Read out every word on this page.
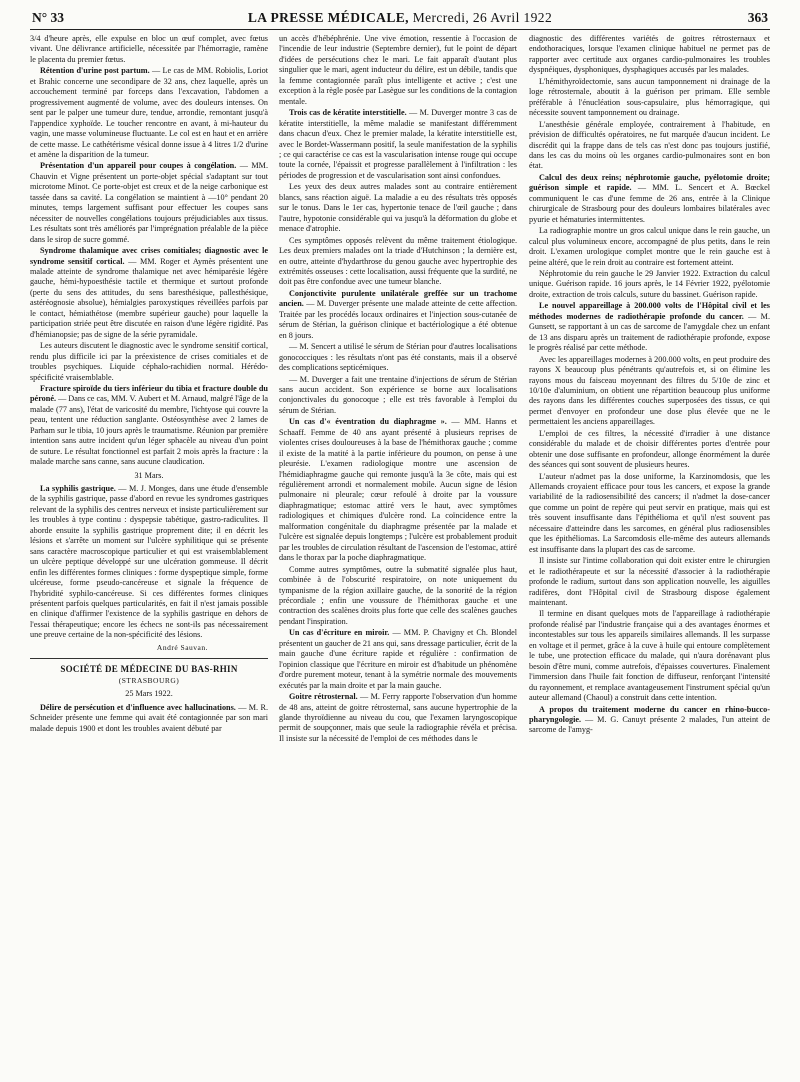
N° 33	LA PRESSE MÉDICALE, Mercredi, 26 Avril 1922	363

3/4 d'heure après, elle expulse en bloc un œuf complet, avec fœtus vivant. Une délivrance artificielle, nécessitée par l'hémorragie, ramène le placenta du premier fœtus.

Rétention d'urine post partum. — Le cas de MM. Robiolis, Loriot et Brahic concerne une secondipare de 32 ans, chez laquelle, après un accouchement terminé par forceps dans l'excavation, l'abdomen a progressivement augmenté de volume, avec des douleurs intenses. On sent par le palper une tumeur dure, tendue, arrondie, remontant jusqu'à l'appendice xyphoïde. Le toucher rencontre en avant, à mi-hauteur du vagin, une masse volumineuse fluctuante. Le col est en haut et en arrière de cette masse. Le cathétérisme vésical donne issue à 4 litres 1/2 d'urine et amène la disparition de la tumeur.

Présentation d'un appareil pour coupes à congélation. — MM. Chauvin et Vigne présentent un porte-objet spécial s'adaptant sur tout microtome Minot. Ce porte-objet est creux et de la neige carbonique est tassée dans sa cavité. La congélation se maintient à —10° pendant 20 minutes, temps largement suffisant pour effectuer les coupes sans nécessiter de nouvelles congélations toujours préjudiciables aux tissus. Les résultats sont très améliorés par l'imprégnation préalable de la pièce dans le sirop de sucre gommé.

Syndrome thalamique avec crises comitiales; diagnostic avec le syndrome sensitif cortical. — MM. Roger et Aymès présentent une malade atteinte de syndrome thalamique net avec hémiparésie légère gauche, hémi-hypoesthésie tactile et thermique et surtout profonde (perte du sens des attitudes, du sens baresthésique, pallesthésique, astéréognosie absolue), hémialgies paroxystiques réveillées parfois par le contact, hémiathétose (membre supérieur gauche) pour laquelle la participation striée peut être discutée en raison d'une légère rigidité. Pas d'hémianopsie; pas de signe de la série pyramidale.

Les auteurs discutent le diagnostic avec le syndrome sensitif cortical, rendu plus difficile ici par la préexistence de crises comitiales et de troubles psychiques. Liquide céphalo-rachidien normal. Hérédo-spécificité vraisemblable.

Fracture spiroïde du tiers inférieur du tibia et fracture double du péroné. — Dans ce cas, MM. V. Aubert et M. Arnaud, malgré l'âge de la malade (77 ans), l'état de varicosité du membre, l'ichtyose qui couvre la peau, tentent une réduction sanglante. Ostéosynthèse avec 2 lames de Parham sur le tibia, 10 jours après le traumatisme. Réunion par première intention sans autre incident qu'un léger sphacèle au niveau d'un point de suture. Le résultat fonctionnel est parfait 2 mois après la fracture : la malade marche sans canne, sans aucune claudication.

31 Mars.

La syphilis gastrique. — M. J. Monges, dans une étude d'ensemble de la syphilis gastrique, passe d'abord en revue les syndromes gastriques relevant de la syphilis des centres nerveux et insiste particulièrement sur les troubles à type continu : dyspepsie tabétique, gastro-radiculites. Il aborde ensuite la syphilis gastrique proprement dite; il en décrit les lésions et s'arrête un moment sur l'ulcère syphilitique qui se présente sans caractère macroscopique particulier et qui est vraisemblablement un ulcère peptique développé sur une ulcération gommeuse. Il décrit enfin les différentes formes cliniques : forme dyspeptique simple, forme ulcéreuse, forme pseudo-cancéreuse et signale la fréquence de l'hybridité syphilo-cancéreuse. Si ces différentes formes cliniques présentent parfois quelques particularités, en fait il n'est jamais possible en clinique d'affirmer l'existence de la syphilis gastrique en dehors de l'essai thérapeutique; encore les échecs ne sont-ils pas nécessairement une preuve certaine de la non-spécificité des lésions.

André Sauvan.
SOCIÉTÉ DE MÉDECINE DU BAS-RHIN
(STRASBOURG)

25 Mars 1922.

Délire de persécution et d'influence avec hallucinations. — M. R. Schneider présente une femme qui avait été contagionnée par son mari malade depuis 1900 et dont les troubles avaient débuté par

un accès d'hébéphrénie. Une vive émotion, ressentie à l'occasion de l'incendie de leur industrie (Septembre dernier), fut le point de départ d'idées de persécutions chez le mari. Le fait apparaît d'autant plus singulier que le mari, agent inducteur du délire, est un débile, tandis que la femme contagionnée paraît plus intelligente et active ; c'est une exception à la règle posée par Lasègue sur les conditions de la contagion mentale.

Trois cas de kératite interstitielle. — M. Duverger montre 3 cas de kératite interstitielle, la même maladie se manifestant différemment dans chacun d'eux. Chez le premier malade, la kératite interstitielle est, avec le Bordet-Wassermann positif, la seule manifestation de la syphilis ; ce qui caractérise ce cas est la vascularisation intense rouge qui occupe toute la cornée, l'épaissit et progresse parallèlement à l'infiltration : les périodes de progression et de vascularisation sont ainsi confondues.

Les yeux des deux autres malades sont au contraire entièrement blancs, sans réaction aiguë. La maladie a eu des résultats très opposés sur le tonus. Dans le 1er cas, hypertonie tenace de l'œil gauche ; dans l'autre, hypotonie considérable qui va jusqu'à la déformation du globe et menace d'atrophie.

Ces symptômes opposés relèvent du même traitement étiologique. Les deux premiers malades ont la triade d'Hutchinson ; la dernière est, en outre, atteinte d'hydarthrose du genou gauche avec hypertrophie des extrémités osseuses : cette localisation, aussi fréquente que la surdité, ne doit pas être confondue avec une tumeur blanche.

Conjonctivite purulente unilatérale greffée sur un trachome ancien. — M. Duverger présente une malade atteinte de cette affection. Traitée par les procédés locaux ordinaires et l'injection sous-cutanée de sérum de Stérian, la guérison clinique et bactériologique a été obtenue en 8 jours.

— M. Sencert a utilisé le sérum de Stérian pour d'autres localisations gonococciques : les résultats n'ont pas été constants, mais il a observé des complications septicémiques.

— M. Duverger a fait une trentaine d'injections de sérum de Stérian sans aucun accident. Son expérience se borne aux localisations conjonctivales du gonocoque ; elle est très favorable à l'emploi du sérum de Stérian.

Un cas d'« éventration du diaphragme ». — MM. Hanns et Schaaff. Femme de 40 ans ayant présenté à plusieurs reprises de violentes crises douloureuses à la base de l'hémithorax gauche ; comme il existe de la matité à la partie inférieure du poumon, on pense à une pleurésie. L'examen radiologique montre une ascension de l'hémidiaphragme gauche qui remonte jusqu'à la 3e côte, mais qui est régulièrement arrondi et normalement mobile. Aucun signe de lésion pulmonaire ni pleurale; cœur refoulé à droite par la voussure diaphragmatique; estomac attiré vers le haut, avec symptômes radiologiques et chimiques d'ulcère rond. La coïncidence entre la malformation congénitale du diaphragme présentée par la malade et l'ulcère est signalée depuis longtemps ; l'ulcère est probablement produit par les troubles de circulation résultant de l'ascension de l'estomac, attiré dans le thorax par la poche diaphragmatique.

Comme autres symptômes, outre la submatité signalée plus haut, combinée à de l'obscurité respiratoire, on note uniquement du tympanisme de la région axillaire gauche, de la sonorité de la région précordiale ; enfin une voussure de l'hémithorax gauche et une contraction des scalènes droits plus forte que celle des scalènes gauches pendant l'inspiration.

Un cas d'écriture en miroir. — MM. P. Chavigny et Ch. Blondel présentent un gaucher de 21 ans qui, sans dressage particulier, écrit de la main gauche d'une écriture rapide et régulière : confirmation de l'opinion classique que l'écriture en miroir est d'habitude un phénomène d'ordre purement moteur, tenant à la symétrie normale des mouvements exécutés par la main droite et par la main gauche.

Goitre rétrosternal. — M. Ferry rapporte l'observation d'un homme de 48 ans, atteint de goitre rétrosternal, sans aucune hypertrophie de la glande thyroïdienne au niveau du cou, que l'examen laryngoscopique permit de soupçonner, mais que seule la radiographie révéla et précisa. Il insiste sur la nécessité de l'emploi de ces méthodes dans le

diagnostic des différentes variétés de goitres rétrosternaux et endothoraciques, lorsque l'examen clinique habituel ne permet pas de rapporter avec certitude aux organes cardio-pulmonaires les troubles dyspnéiques, dysphoniques, dysphagiques accusés par les malades.

L'hémithyroïdectomie, sans aucun tamponnement ni drainage de la loge rétrosternale, aboutit à la guérison per primam. Elle semble préférable à l'énucléation sous-capsulaire, plus hémorragique, qui nécessite souvent tamponnement ou drainage.

L'anesthésie générale employée, contrairement à l'habitude, en prévision de difficultés opératoires, ne fut marquée d'aucun incident. Le discrédit qui la frappe dans de tels cas n'est donc pas toujours justifié, dans les cas du moins où les organes cardio-pulmonaires sont en bon état.

Calcul des deux reins; néphrotomie gauche, pyélotomie droite; guérison simple et rapide. — MM. L. Sencert et A. Bœckel communiquent le cas d'une femme de 26 ans, entrée à la Clinique chirurgicale de Strasbourg pour des douleurs lombaires bilatérales avec pyurie et hématuries intermittentes.

La radiographie montre un gros calcul unique dans le rein gauche, un calcul plus volumineux encore, accompagné de plus petits, dans le rein droit. L'examen urologique complet montre que le rein gauche est à peine altéré, que le rein droit au contraire est fortement atteint.

Néphrotomie du rein gauche le 29 Janvier 1922. Extraction du calcul unique. Guérison rapide. 16 jours après, le 14 Février 1922, pyélotomie droite, extraction de trois calculs, suture du bassinet. Guérison rapide.

Le nouvel appareillage à 200.000 volts de l'Hôpital civil et les méthodes modernes de radiothérapie profonde du cancer. — M. Gunsett, se rapportant à un cas de sarcome de l'amygdale chez un enfant de 13 ans disparu après un traitement de radiothérapie profonde, expose le progrès réalisé par cette méthode.

Avec les appareillages modernes à 200.000 volts, en peut produire des rayons X beaucoup plus pénétrants qu'autrefois et, si on élimine les rayons mous du faisceau moyennant des filtres du 5/10e de zinc et 10/10e d'aluminium, on obtient une répartition beaucoup plus uniforme des rayons dans les différentes couches superposées des tissus, ce qui permet d'envoyer en profondeur une dose plus élevée que ne le permettaient les anciens appareillages.

L'emploi de ces filtres, la nécessité d'irradier à une distance considérable du malade et de choisir différentes portes d'entrée pour obtenir une dose suffisante en profondeur, allonge énormément la durée des séances qui sont souvent de plusieurs heures.

L'auteur n'admet pas la dose uniforme, la Karzinomdosis, que les Allemands croyaient efficace pour tous les cancers, et expose la grande variabilité de la radiosensibilité des cancers; il n'admet la dose-cancer que comme un point de repère qui peut servir en pratique, mais qui est très souvent insuffisante dans l'épithélioma et qu'il n'est souvent pas nécessaire d'atteindre dans les sarcomes, en général plus radiosensibles que les épithéliomas. La Sarcomdosis elle-même des auteurs allemands est insuffisante dans la plupart des cas de sarcome.

Il insiste sur l'intime collaboration qui doit exister entre le chirurgien et le radiothérapeute et sur la nécessité d'associer à la radiothérapie profonde le radium, surtout dans son application nouvelle, les aiguilles radifères, dont l'Hôpital civil de Strasbourg dispose également maintenant.

Il termine en disant quelques mots de l'appareillage à radiothérapie profonde réalisé par l'industrie française qui a des avantages énormes et incontestables sur tous les appareils similaires allemands. Il les surpasse en voltage et il permet, grâce à la cuve à huile qui entoure complètement le tube, une protection efficace du malade, qui n'aura dorénavant plus besoin d'être muni, comme autrefois, d'épaisses couvertures. Finalement l'immersion dans l'huile fait fonction de diffuseur, renforçant l'intensité du rayonnement, et remplace avantageusement l'instrument spécial qu'un auteur allemand (Chaoul) a construit dans cette intention.

A propos du traitement moderne du cancer en rhino-bucco-pharyngologie. — M. G. Canuyt présente 2 malades, l'un atteint de sarcome de l'amyg-
